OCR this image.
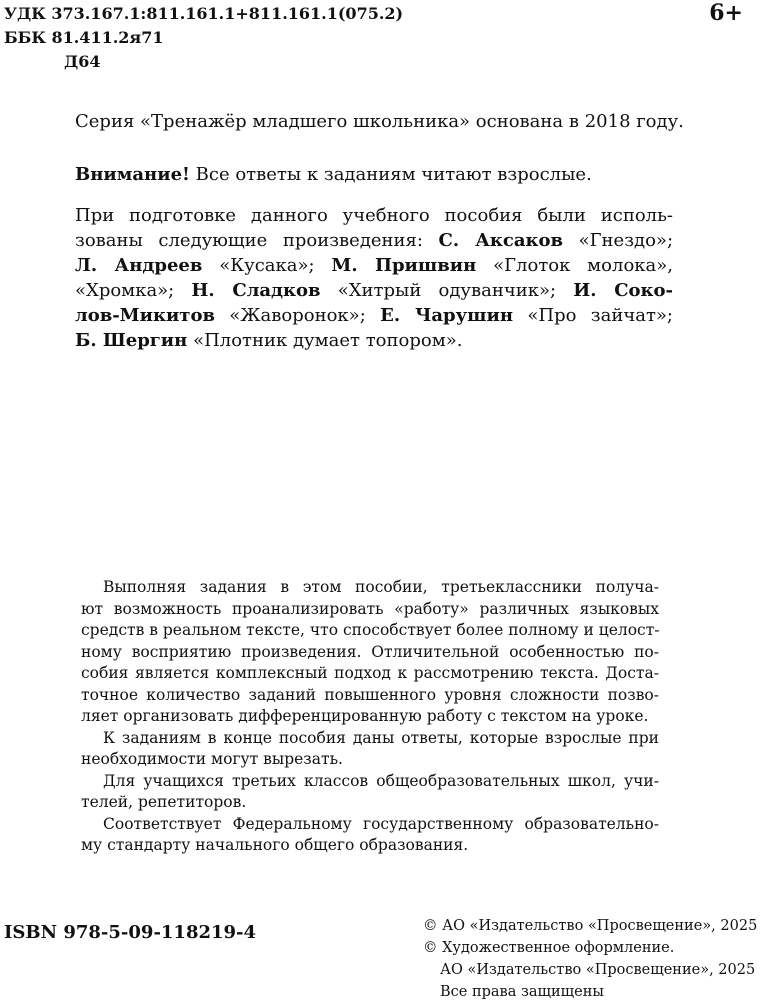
УДК 373.167.1:811.161.1+811.161.1(075.2)
ББК 81.411.2я71
Д64
6+
Серия «Тренажёр младшего школьника» основана в 2018 году.
Внимание! Все ответы к заданиям читают взрослые.
При подготовке данного учебного пособия были исполь-
зованы следующие произведения: С. Аксаков «Гнездо»;
Л. Андреев «Кусака»; М. Пришвин «Глоток молока»,
«Хромка»; Н. Сладков «Хитрый одуванчик»; И. Соко-
лов-Микитов «Жаворонок»; Е. Чарушин «Про зайчат»;
Б. Шергин «Плотник думает топором».
Выполняя задания в этом пособии, третьеклассники получа-
ют возможность проанализировать «работу» различных языковых
средств в реальном тексте, что способствует более полному и целост-
ному восприятию произведения. Отличительной особенностью по-
собия является комплексный подход к рассмотрению текста. Доста-
точное количество заданий повышенного уровня сложности позво-
ляет организовать дифференцированную работу с текстом на уроке.
К заданиям в конце пособия даны ответы, которые взрослые при
необходимости могут вырезать.
Для учащихся третьих классов общеобразовательных школ, учи-
телей, репетиторов.
Соответствует Федеральному государственному образовательно-
му стандарту начального общего образования.
ISBN 978-5-09-118219-4	© АО «Издательство «Просвещение», 2025
© Художественное оформление.
АО «Издательство «Просвещение», 2025
Все права защищены
